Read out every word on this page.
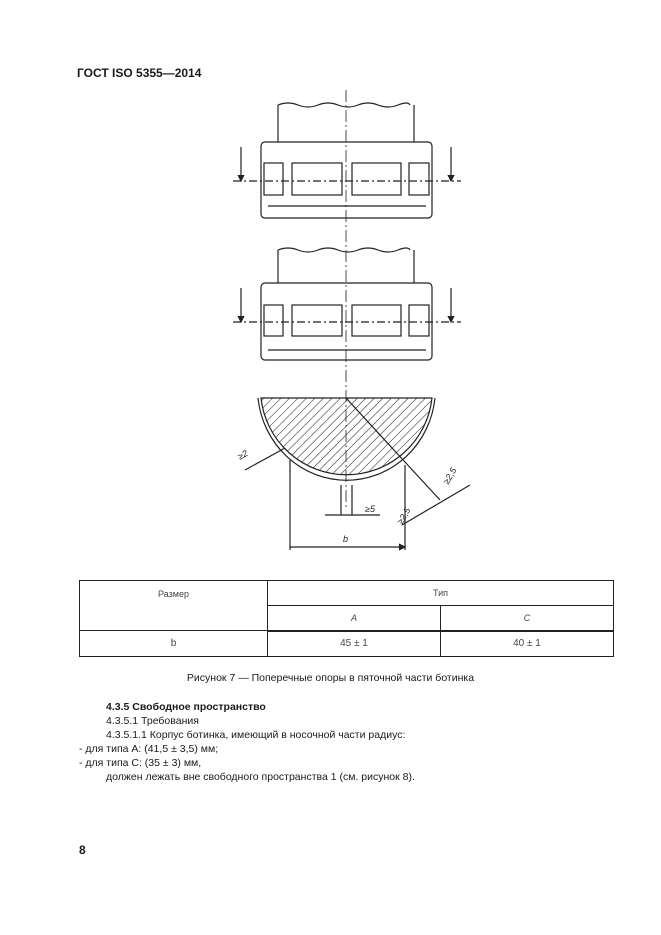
ГОСТ ISO 5355—2014
≥2
≥5 ≥2,5
≥2,5
b
Размер	Тип	
	A	C
b	45 ± 1	40 ± 1
Рисунок 7 — Поперечные опоры в пяточной части ботинка
4.3.5 Свободное пространство
4.3.5.1 Требования
4.3.5.1.1 Корпус ботинка, имеющий в носочной части радиус:
- для типа A: (41,5 ± 3,5) мм;
- для типа C: (35 ± 3) мм,
должен лежать вне свободного пространства 1 (см. рисунок 8).
8
